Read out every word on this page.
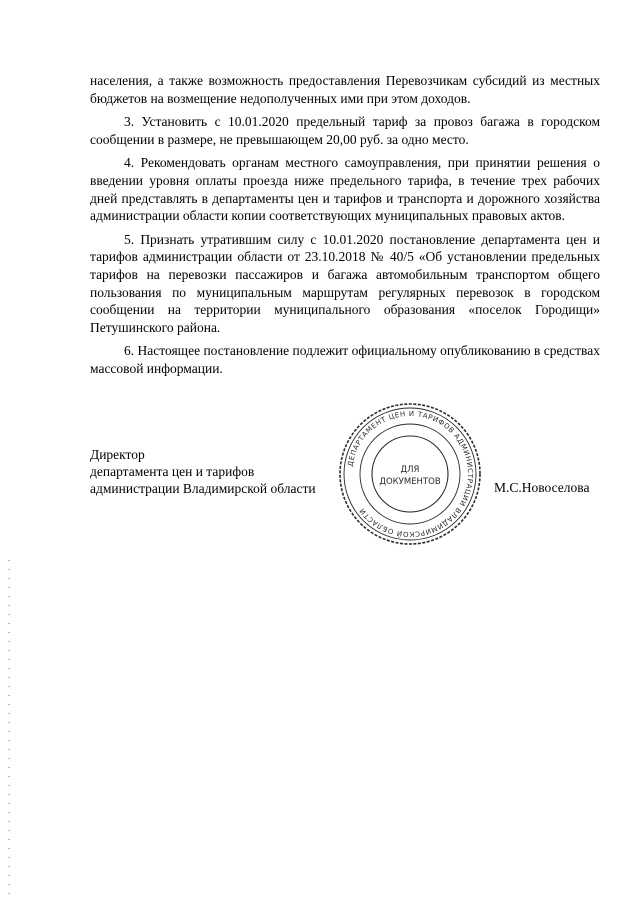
населения, а также возможность предоставления Перевозчикам субсидий из местных бюджетов на возмещение недополученных ими при этом доходов.

3. Установить с 10.01.2020 предельный тариф за провоз багажа в городском сообщении в размере, не превышающем 20,00 руб. за одно место.

4. Рекомендовать органам местного самоуправления, при принятии решения о введении уровня оплаты проезда ниже предельного тарифа, в течение трех рабочих дней представлять в департаменты цен и тарифов и транспорта и дорожного хозяйства администрации области копии соответствующих муниципальных правовых актов.

5. Признать утратившим силу с 10.01.2020 постановление департамента цен и тарифов администрации области от 23.10.2018 № 40/5 «Об установлении предельных тарифов на перевозки пассажиров и багажа автомобильным транспортом общего пользования по муниципальным маршрутам регулярных перевозок в городском сообщении на территории муниципального образования «поселок Городищи» Петушинского района.

6. Настоящее постановление подлежит официальному опубликованию в средствах массовой информации.

Директор
департамента цен и тарифов
администрации Владимирской области	М.С.Новоселова
ДЕПАРТАМЕНТ ЦЕН И ТАРИФОВ АДМИНИСТРАЦИИ ВЛАДИМИРСКОЙ ОБЛАСТИ
ДЛЯ
ДОКУМЕНТОВ
